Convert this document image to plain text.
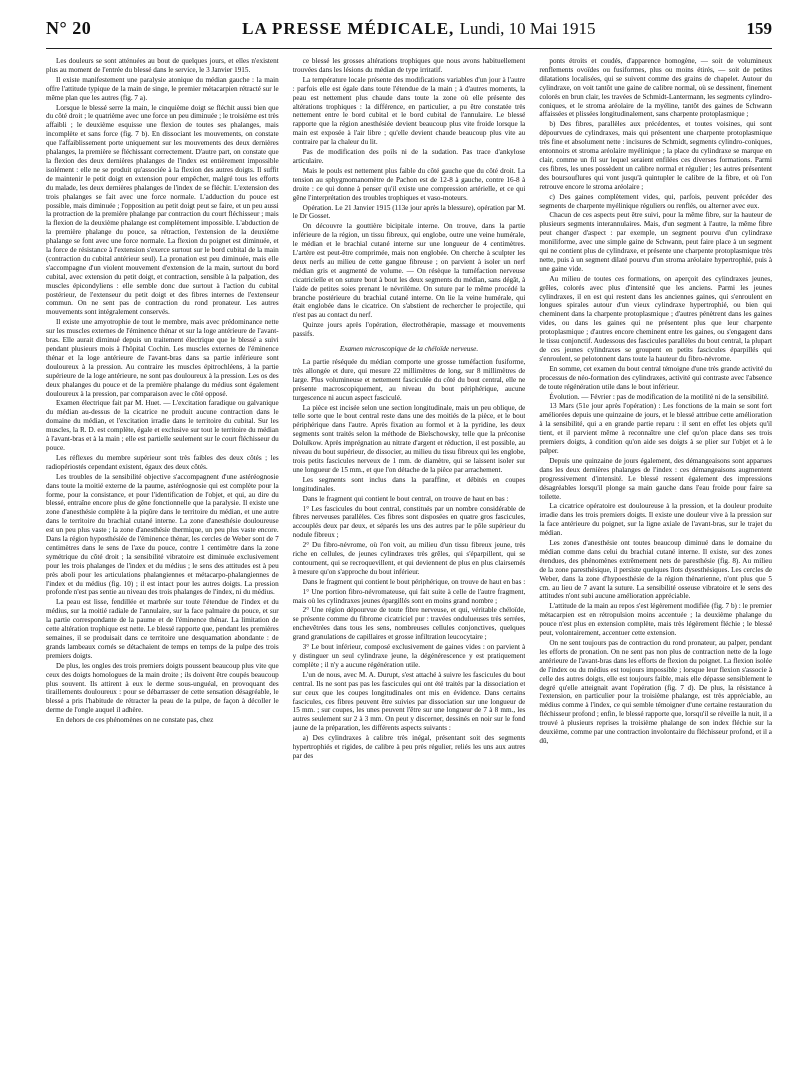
N° 20	LA PRESSE MÉDICALE, Lundi, 10 Mai 1915	159

Les douleurs se sont atténuées au bout de quelques jours, et elles n'existent plus au moment de l'entrée du blessé dans le service, le 3 Janvier 1915.

Il existe manifestement une paralysie atonique du médian gauche : la main offre l'attitude typique de la main de singe, le premier métacarpien rétracté sur le même plan que les autres (fig. 7 a).

Lorsque le blessé serre la main, le cinquième doigt se fléchit aussi bien que du côté droit ; le quatrième avec une force un peu diminuée ; le troisième est très affaibli ; le deuxième esquisse une flexion de toutes ses phalanges, mais incomplète et sans force (fig. 7 b). En dissociant les mouvements, on constate que l'affaiblissement porte uniquement sur les mouvements des deux dernières phalanges, la première se fléchissant correctement. D'autre part, on constate que la flexion des deux dernières phalanges de l'index est entièrement impossible isolément : elle ne se produit qu'associée à la flexion des autres doigts. Il suffit de maintenir le petit doigt en extension pour empêcher, malgré tous les efforts du malade, les deux dernières phalanges de l'index de se fléchir. L'extension des trois phalanges se fait avec une force normale. L'adduction du pouce est possible, mais diminuée ; l'opposition au petit doigt peut se faire, et un peu aussi la protraction de la première phalange par contraction du court fléchisseur ; mais la flexion de la deuxième phalange est complètement impossible. L'abduction de la première phalange du pouce, sa rétraction, l'extension de la deuxième phalange se font avec une force normale. La flexion du poignet est diminuée, et la force de résistance à l'extension s'exerce surtout sur le bord cubital de la main (contraction du cubital antérieur seul). La pronation est peu diminuée, mais elle s'accompagne d'un violent mouvement d'extension de la main, surtout du bord cubital, avec extension du petit doigt, et contraction, sensible à la palpation, des muscles épicondyliens : elle semble donc due surtout à l'action du cubital postérieur, de l'extenseur du petit doigt et des fibres internes de l'extenseur commun. On ne sent pas de contraction du rond pronateur. Les autres mouvements sont intégralement conservés.

Il existe une amyotrophie de tout le membre, mais avec prédominance nette sur les muscles externes de l'éminence thénar et sur la loge antérieure de l'avant-bras. Elle aurait diminué depuis un traitement électrique que le blessé a suivi pendant plusieurs mois à l'hôpital Cochin. Les muscles externes de l'éminence thénar et la loge antérieure de l'avant-bras dans sa partie inférieure sont douloureux à la pression. Au contraire les muscles épitrochléens, à la partie supérieure de la loge antérieure, ne sont pas douloureux à la pression. Les os des deux phalanges du pouce et de la première phalange du médius sont également douloureux à la pression, par comparaison avec le côté opposé.

Examen électrique fait par M. Huet. — L'excitation faradique ou galvanique du médian au-dessus de la cicatrice ne produit aucune contraction dans le domaine du médian, et l'excitation irradie dans le territoire du cubital. Sur les muscles, la R. D. est complète, égale et exclusive sur tout le territoire du médian à l'avant-bras et à la main ; elle est partielle seulement sur le court fléchisseur du pouce.

Les réflexes du membre supérieur sont très faibles des deux côtés ; les radiopériostés cependant existent, égaux des deux côtés.

Les troubles de la sensibilité objective s'accompagnent d'une astéréognosie dans toute la moitié externe de la paume, astéréognosie qui est complète pour la forme, pour la consistance, et pour l'identification de l'objet, et qui, au dire du blessé, entraîne encore plus de gêne fonctionnelle que la paralysie. Il existe une zone d'anesthésie complète à la piqûre dans le territoire du médian, et une autre dans le territoire du brachial cutané interne. La zone d'anesthésie douloureuse est un peu plus vaste ; la zone d'anesthésie thermique, un peu plus vaste encore. Dans la région hyposthésiée de l'éminence thénar, les cercles de Weber sont de 7 centimètres dans le sens de l'axe du pouce, contre 1 centimètre dans la zone symétrique du côté droit ; la sensibilité vibratoire est diminuée exclusivement pour les trois phalanges de l'index et du médius ; le sens des attitudes est à peu près aboli pour les articulations phalangiennes et métacarpo-phalangiennes de l'index et du médius (fig. 10) ; il est intact pour les autres doigts. La pression profonde n'est pas sentie au niveau des trois phalanges de l'index, ni du médius.

La peau est lisse, fendillée et marbrée sur toute l'étendue de l'index et du médius, sur la moitié radiale de l'annulaire, sur la face palmaire du pouce, et sur la partie correspondante de la paume et de l'éminence thénar. La limitation de cette altération trophique est nette. Le blessé rapporte que, pendant les premières semaines, il se produisait dans ce territoire une desquamation abondante : de grands lambeaux cornés se détachaient de temps en temps de la pulpe des trois premiers doigts.

De plus, les ongles des trois premiers doigts poussent beaucoup plus vite que ceux des doigts homologues de la main droite ; ils doivent être coupés beaucoup plus souvent. Ils attirent à eux le derme sous-unguéal, en provoquant des tiraillements douloureux : pour se débarrasser de cette sensation désagréable, le blessé a pris l'habitude de rétracter la peau de la pulpe, de façon à décoller le derme de l'ongle auquel il adhère.

En dehors de ces phénomènes on ne constate pas, chez

ce blessé les grosses altérations trophiques que nous avons habituellement trouvées dans les lésions du médian de type irritatif.

La température locale présente des modifications variables d'un jour à l'autre : parfois elle est égale dans toute l'étendue de la main ; à d'autres moments, la peau est nettement plus chaude dans toute la zone où elle présente des altérations trophiques : la différence, en particulier, a pu être constatée très nettement entre le bord cubital et le bord cubital de l'annulaire. Le blessé rapporte que la région anesthésiée devient beaucoup plus vite froide lorsque la main est exposée à l'air libre ; qu'elle devient chaude beaucoup plus vite au contraire par la chaleur du lit.

Pas de modification des poils ni de la sudation. Pas trace d'ankylose articulaire.

Mais le pouls est nettement plus faible du côté gauche que du côté droit. La tension au sphygmomanomètre de Pachon est de 12-8 à gauche, contre 16-8 à droite : ce qui donne à penser qu'il existe une compression artérielle, et ce qui gêne l'interprétation des troubles trophiques et vaso-moteurs.

Opération. Le 21 Janvier 1915 (113e jour après la blessure), opération par M. le Dr Gosset.

On découvre la gouttière bicipitale interne. On trouve, dans la partie inférieure de la région, un tissu fibreux, qui englobe, outre une veine humérale, le médian et le brachial cutané interne sur une longueur de 4 centimètres. L'artère est peut-être comprimée, mais non englobée. On cherche à sculpter les deux nerfs au milieu de cette gangue fibreuse ; on parvient à isoler un nerf médian gris et augmenté de volume. — On résèque la tuméfaction nerveuse cicatricielle et on suture bout à bout les deux segments du médian, sans dégât, à l'aide de petites soies prenant le névrilème. On suture par le même procédé la branche postérieure du brachial cutané interne. On lie la veine humérale, qui était englobée dans le cicatrice. On s'abstient de rechercher le projectile, qui n'est pas au contact du nerf.

Quinze jours après l'opération, électrothérapie, massage et mouvements passifs.

Examen microscopique de la chéloïde nerveuse.

La partie réséquée du médian comporte une grosse tuméfaction fusiforme, très allongée et dure, qui mesure 22 millimètres de long, sur 8 millimètres de large. Plus volumineuse et nettement fasciculée du côté du bout central, elle ne présente macroscopiquement, au niveau du bout périphérique, aucune turgescence ni aucun aspect fasciculé.

La pièce est incisée selon une section longitudinale, mais un peu oblique, de telle sorte que le bout central reste dans une des moitiés de la pièce, et le bout périphérique dans l'autre. Après fixation au formol et à la pyridine, les deux segments sont traités selon la méthode de Bielschowsky, telle que la préconise Dolulkow. Après imprégnation au nitrate d'argent et réduction, il est possible, au niveau du bout supérieur, de dissocier, au milieu du tissu fibreux qui les englobe, trois petits fascicules nerveux de 1 mm. de diamètre, qui se laissent isoler sur une longueur de 15 mm., et que l'on détache de la pièce par arrachement.

Les segments sont inclus dans la paraffine, et débités en coupes longitudinales.

Dans le fragment qui contient le bout central, on trouve de haut en bas :

1° Les fascicules du bout central, constitués par un nombre considérable de fibres nerveuses parallèles. Ces fibres sont disposées en quatre gros fascicules, accouplés deux par deux, et séparés les uns des autres par le pôle supérieur du nodule fibreux ;

2° Du fibro-névrome, où l'on voit, au milieu d'un tissu fibreux jeune, très riche en cellules, de jeunes cylindraxes très grêles, qui s'éparpillent, qui se contournent, qui se recroquevillent, et qui deviennent de plus en plus clairsemés à mesure qu'on s'approche du bout inférieur.

Dans le fragment qui contient le bout périphérique, on trouve de haut en bas :

1° Une portion fibro-névromateuse, qui fait suite à celle de l'autre fragment, mais où les cylindraxes jeunes épargillés sont en moins grand nombre ;

2° Une région dépourvue de toute fibre nerveuse, et qui, véritable chéloïde, se présente comme du fibrome cicatriciel pur : travées ondulueuses très serrées, enchevêtrées dans tous les sens, nombreuses cellules conjonctives, quelques grand granulations de capillaires et grosse infiltration leucocytaire ;

3° Le bout inférieur, composé exclusivement de gaines vides : on parvient à y distinguer un seul cylindraxe jeune, la dégénérescence y est pratiquement complète ; il n'y a aucune régénération utile.

L'un de nous, avec M. A. Durupt, s'est attaché à suivre les fascicules du bout central. Ils ne sont pas pas les fascicules qui ont été traités par la dissociation et sur ceux que les coupes longitudinales ont mis en évidence. Dans certains fascicules, ces fibres peuvent être suivies par dissociation sur une longueur de 15 mm. ; sur coupes, les unes peuvent l'être sur une longueur de 7 à 8 mm., les autres seulement sur 2 à 3 mm. On peut y discerner, dessinés en noir sur le fond jaune de la préparation, les différents aspects suivants :

a) Des cylindraxes à calibre très inégal, présentant soit des segments hypertrophiés et rigides, de calibre à peu près régulier, reliés les uns aux autres par des

ponts étroits et coudés, d'apparence homogène, — soit de volumineux renflements ovoïdes ou fusiformes, plus ou moins étirés, — soit de petites dilatations localisées, qui se suivent comme des grains de chapelet. Autour du cylindraxe, on voit tantôt une gaine de calibre normal, où se dessinent, finement colorés en brun clair, les travées de Schmidt-Lantermann, les segments cylindro-coniques, et le stroma aréolaire de la myéline, tantôt des gaines de Schwann affaissées et plissées longitudinalement, sans charpente protoplasmique ;

b) Des fibres, parallèles aux précédentes, et toutes voisines, qui sont dépourvues de cylindraxes, mais qui présentent une charpente protoplasmique très fine et absolument nette : incisures de Schmidt, segments cylindro-coniques, entonnoirs et stroma aréolaire myélinique ; la place du cylindraxe se marque en clair, comme un fil sur lequel seraient enfilées ces diverses formations. Parmi ces fibres, les unes possèdent un calibre normal et régulier ; les autres présentent des boursouflures qui vont jusqu'à quintupler le calibre de la fibre, et où l'on retrouve encore le stroma aréolaire ;

c) Des gaines complètement vides, qui, parfois, peuvent précéder des segments de charpente myélinique réguliers ou renflés, ou alterner avec eux.

Chacun de ces aspects peut être suivi, pour la même fibre, sur la hauteur de plusieurs segments interannulaires. Mais, d'un segment à l'autre, la même fibre peut changer d'aspect : par exemple, un segment pourvu d'un cylindraxe moniliforme, avec une simple gaine de Schwann, peut faire place à un segment qui ne contient plus de cylindraxe, et présente une charpente protoplasmique très nette, puis à un segment dilaté pourvu d'un stroma aréolaire hypertrophié, puis à une gaine vide.

Au milieu de toutes ces formations, on aperçoit des cylindraxes jeunes, grêles, colorés avec plus d'intensité que les anciens. Parmi les jeunes cylindraxes, il en est qui restent dans les anciennes gaines, qui s'enroulent en longues spirales autour d'un vieux cylindraxe hypertrophié, ou bien qui cheminent dans la charpente protoplasmique ; d'autres pénètrent dans les gaines vides, ou dans les gaines qui ne présentent plus que leur charpente protoplasmique ; d'autres encore cheminent entre les gaines, ou s'engagent dans le tissu conjonctif. Audessous des fascicules parallèles du bout central, la plupart de ces jeunes cylindraxes se groupent en petits fascicules éparpillés qui s'enroulent, se pelotonnent dans toute la hauteur du fibro-névrome.

En somme, cet examen du bout central témoigne d'une très grande activité du processus de néo-formation des cylindraxes, activité qui contraste avec l'absence de toute régénération utile dans le bout inférieur.

Évolution. — Février : pas de modification de la motilité ni de la sensibilité.

13 Mars (51e jour après l'opération) : Les fonctions de la main se sont fort améliorées depuis une quinzaine de jours, et le blessé attribue cette amélioration à la sensibilité, qui a en grande partie reparu : il sent en effet les objets qu'il tient, et il parvient même à reconnaître une clef qu'on place dans ses trois premiers doigts, à condition qu'on aide ses doigts à se plier sur l'objet et à le palper.

Depuis une quinzaine de jours également, des démangeaisons sont apparues dans les deux dernières phalanges de l'index : ces démangeaisons augmentent progressivement d'intensité. Le blessé ressent également des impressions désagréables lorsqu'il plonge sa main gauche dans l'eau froide pour faire sa toilette.

La cicatrice opératoire est douloureuse à la pression, et la douleur produite irradie dans les trois premiers doigts. Il existe une douleur vive à la pression sur la face antérieure du poignet, sur la ligne axiale de l'avant-bras, sur le trajet du médian.

Les zones d'anesthésie ont toutes beaucoup diminué dans le domaine du médian comme dans celui du brachial cutané interne. Il existe, sur des zones étendues, des phénomènes extrêmement nets de paresthésie (fig. 8). Au milieu de la zone paresthésique, il persiste quelques îlots dysesthésiques. Les cercles de Weber, dans la zone d'hypoesthésie de la région thénarienne, n'ont plus que 5 cm. au lieu de 7 avant la suture. La sensibilité osseuse vibratoire et le sens des attitudes n'ont subi aucune amélioration appréciable.

L'attitude de la main au repos s'est légèrement modifiée (fig. 7 b) : le premier métacarpien est en rétropulsion moins accentuée ; la deuxième phalange du pouce n'est plus en extension complète, mais très légèrement fléchie ; le blessé peut, volontairement, accentuer cette extension.

On ne sent toujours pas de contraction du rond pronateur, au palper, pendant les efforts de pronation. On ne sent pas non plus de contraction nette de la loge antérieure de l'avant-bras dans les efforts de flexion du poignet. La flexion isolée de l'index ou du médius est toujours impossible ; lorsque leur flexion s'associe à celle des autres doigts, elle est toujours faible, mais elle dépasse sensiblement le degré qu'elle atteignait avant l'opération (fig. 7 d). De plus, la résistance à l'extension, en particulier pour la troisième phalange, est très appréciable, au médius comme à l'index, ce qui semble témoigner d'une certaine restauration du fléchisseur profond ; enfin, le blessé rapporte que, lorsqu'il se réveille la nuit, il a trouvé à plusieurs reprises la troisième phalange de son index fléchie sur la deuxième, comme par une contraction involontaire du fléchisseur profond, et il a dû,
